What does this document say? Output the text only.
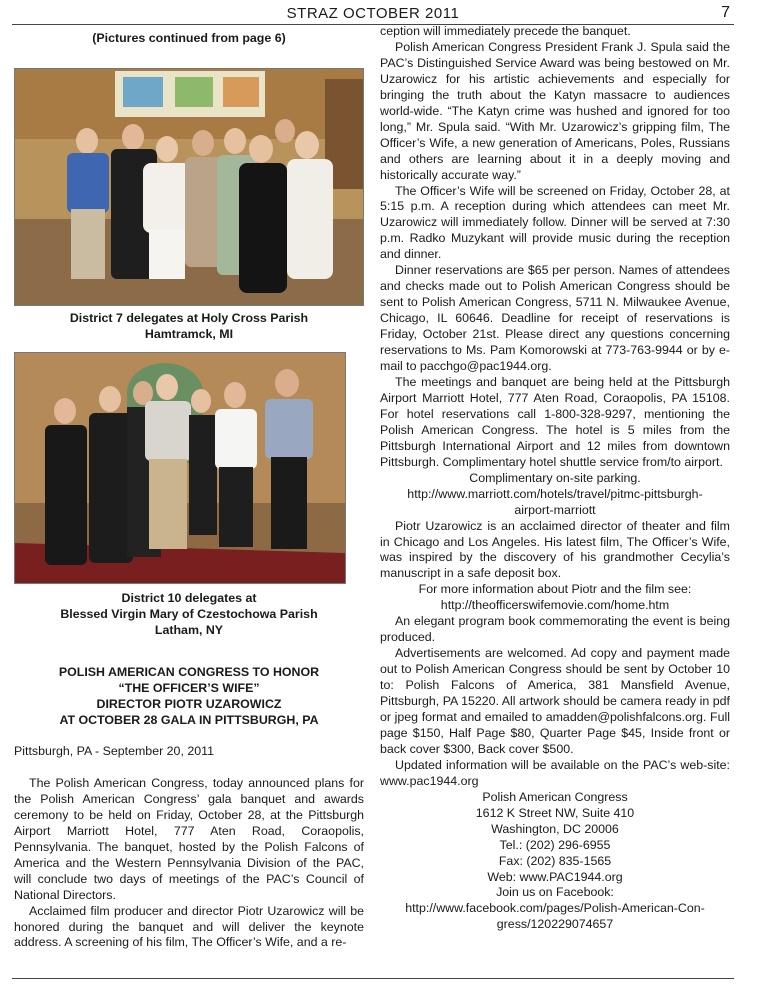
STRAZ OCTOBER 2011	7
(Pictures continued from page 6)
District 7 delegates at Holy Cross Parish
Hamtramck, MI
District 10 delegates at
Blessed Virgin Mary of Czestochowa Parish
Latham, NY
POLISH AMERICAN CONGRESS TO HONOR
“THE OFFICER’S WIFE”
DIRECTOR PIOTR UZAROWICZ
AT OCTOBER 28 GALA IN PITTSBURGH, PA

Pittsburgh, PA - September 20, 2011

The Polish American Congress, today announced plans for the Polish American Congress’ gala banquet and awards ceremony to be held on Friday, October 28, at the Pittsburgh Airport Marriott Hotel, 777 Aten Road, Coraopolis, Pennsylvania. The banquet, hosted by the Polish Falcons of America and the Western Pennsylvania Division of the PAC, will conclude two days of meetings of the PAC’s Council of National Directors.

Acclaimed film producer and director Piotr Uzarowicz will be honored during the banquet and will deliver the keynote address. A screening of his film, The Officer’s Wife, and a re-

ception will immediately precede the banquet.

Polish American Congress President Frank J. Spula said the PAC’s Distinguished Service Award was being bestowed on Mr. Uzarowicz for his artistic achievements and especially for bringing the truth about the Katyn massacre to audiences world-wide. “The Katyn crime was hushed and ignored for too long,” Mr. Spula said. “With Mr. Uzarowicz’s gripping film, The Officer’s Wife, a new generation of Americans, Poles, Russians and others are learning about it in a deeply moving and historically accurate way.”

The Officer’s Wife will be screened on Friday, October 28, at 5:15 p.m. A reception during which attendees can meet Mr. Uzarowicz will immediately follow. Dinner will be served at 7:30 p.m. Radko Muzykant will provide music during the reception and dinner.

Dinner reservations are $65 per person. Names of attendees and checks made out to Polish American Congress should be sent to Polish American Congress, 5711 N. Milwaukee Avenue, Chicago, IL 60646. Deadline for receipt of reservations is Friday, October 21st. Please direct any questions concerning reservations to Ms. Pam Komorowski at 773-763-9944 or by e-mail to pacchgo@pac1944.org.

The meetings and banquet are being held at the Pittsburgh Airport Marriott Hotel, 777 Aten Road, Coraopolis, PA 15108. For hotel reservations call 1-800-328-9297, mentioning the Polish American Congress. The hotel is 5 miles from the Pittsburgh International Airport and 12 miles from downtown Pittsburgh. Complimentary hotel shuttle service from/to airport.

Complimentary on-site parking.

http://www.marriott.com/hotels/travel/pitmc-pittsburgh-

airport-marriott

Piotr Uzarowicz is an acclaimed director of theater and film in Chicago and Los Angeles. His latest film, The Officer’s Wife, was inspired by the discovery of his grandmother Cecylia’s manuscript in a safe deposit box.

For more information about Piotr and the film see:

http://theofficerswifemovie.com/home.htm

An elegant program book commemorating the event is being produced.

Advertisements are welcomed. Ad copy and payment made out to Polish American Congress should be sent by October 10 to: Polish Falcons of America, 381 Mansfield Avenue, Pittsburgh, PA 15220. All artwork should be camera ready in pdf or jpeg format and emailed to amadden@polishfalcons.org. Full page $150, Half Page $80, Quarter Page $45, Inside front or back cover $300, Back cover $500.

Updated information will be available on the PAC’s web-site: www.pac1944.org

Polish American Congress

1612 K Street NW, Suite 410

Washington, DC 20006

Tel.: (202) 296-6955

Fax: (202) 835-1565

Web: www.PAC1944.org

Join us on Facebook:

http://www.facebook.com/pages/Polish-American-Con-

gress/120229074657
